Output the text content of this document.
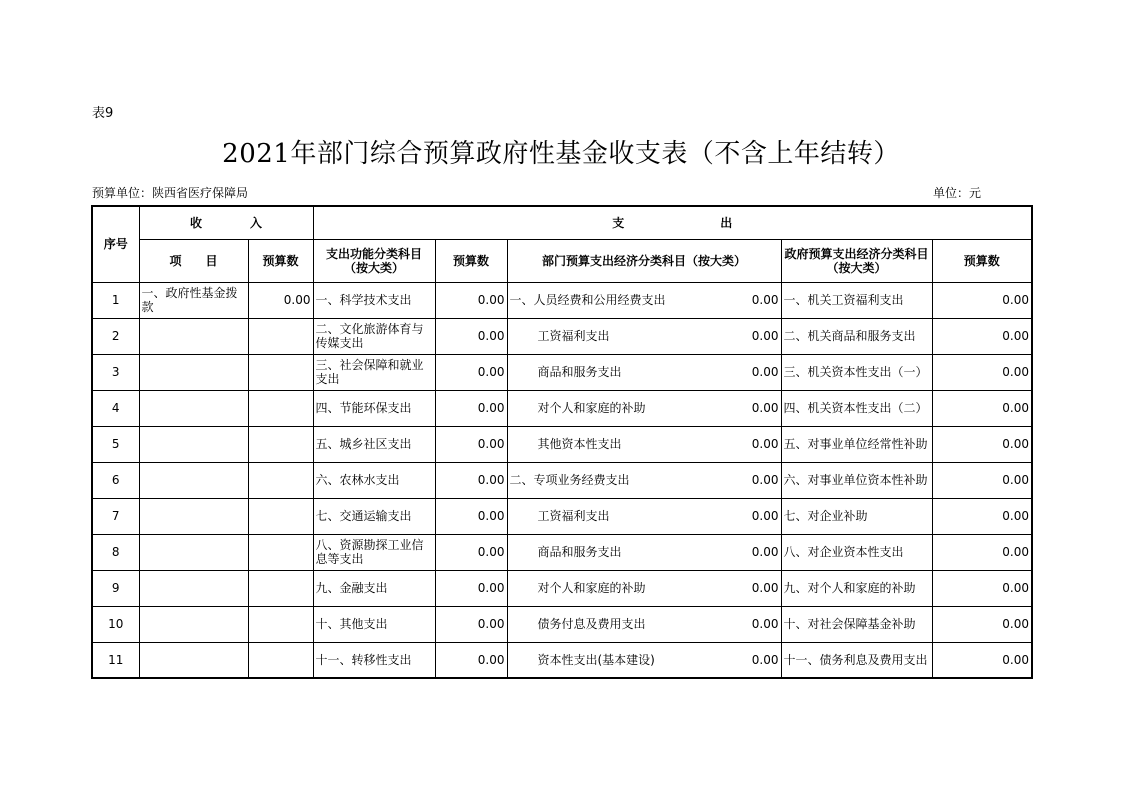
表9
2021年部门综合预算政府性基金收支表（不含上年结转）
预算单位：陕西省医疗保障局	单位：元
序号	收　　　　入		支　　　　　　　　出				
	项　　目	预算数	支出功能分类科目（按大类）	预算数	部门预算支出经济分类科目（按大类）	政府预算支出经济分类科目（按大类）	预算数
1	一、政府性基金拨款	0.00	一、科学技术支出	0.00	一、人员经费和公用经费支出 0.00	一、机关工资福利支出	0.00
2			二、文化旅游体育与传媒支出	0.00	工资福利支出 0.00	二、机关商品和服务支出	0.00
3			三、社会保障和就业支出	0.00	商品和服务支出 0.00	三、机关资本性支出（一）	0.00
4			四、节能环保支出	0.00	对个人和家庭的补助 0.00	四、机关资本性支出（二）	0.00
5			五、城乡社区支出	0.00	其他资本性支出 0.00	五、对事业单位经常性补助	0.00
6			六、农林水支出	0.00	二、专项业务经费支出 0.00	六、对事业单位资本性补助	0.00
7			七、交通运输支出	0.00	工资福利支出 0.00	七、对企业补助	0.00
8			八、资源勘探工业信息等支出	0.00	商品和服务支出 0.00	八、对企业资本性支出	0.00
9			九、金融支出	0.00	对个人和家庭的补助 0.00	九、对个人和家庭的补助	0.00
10			十、其他支出	0.00	债务付息及费用支出 0.00	十、对社会保障基金补助	0.00
11			十一、转移性支出	0.00	资本性支出(基本建设) 0.00	十一、债务利息及费用支出	0.00
